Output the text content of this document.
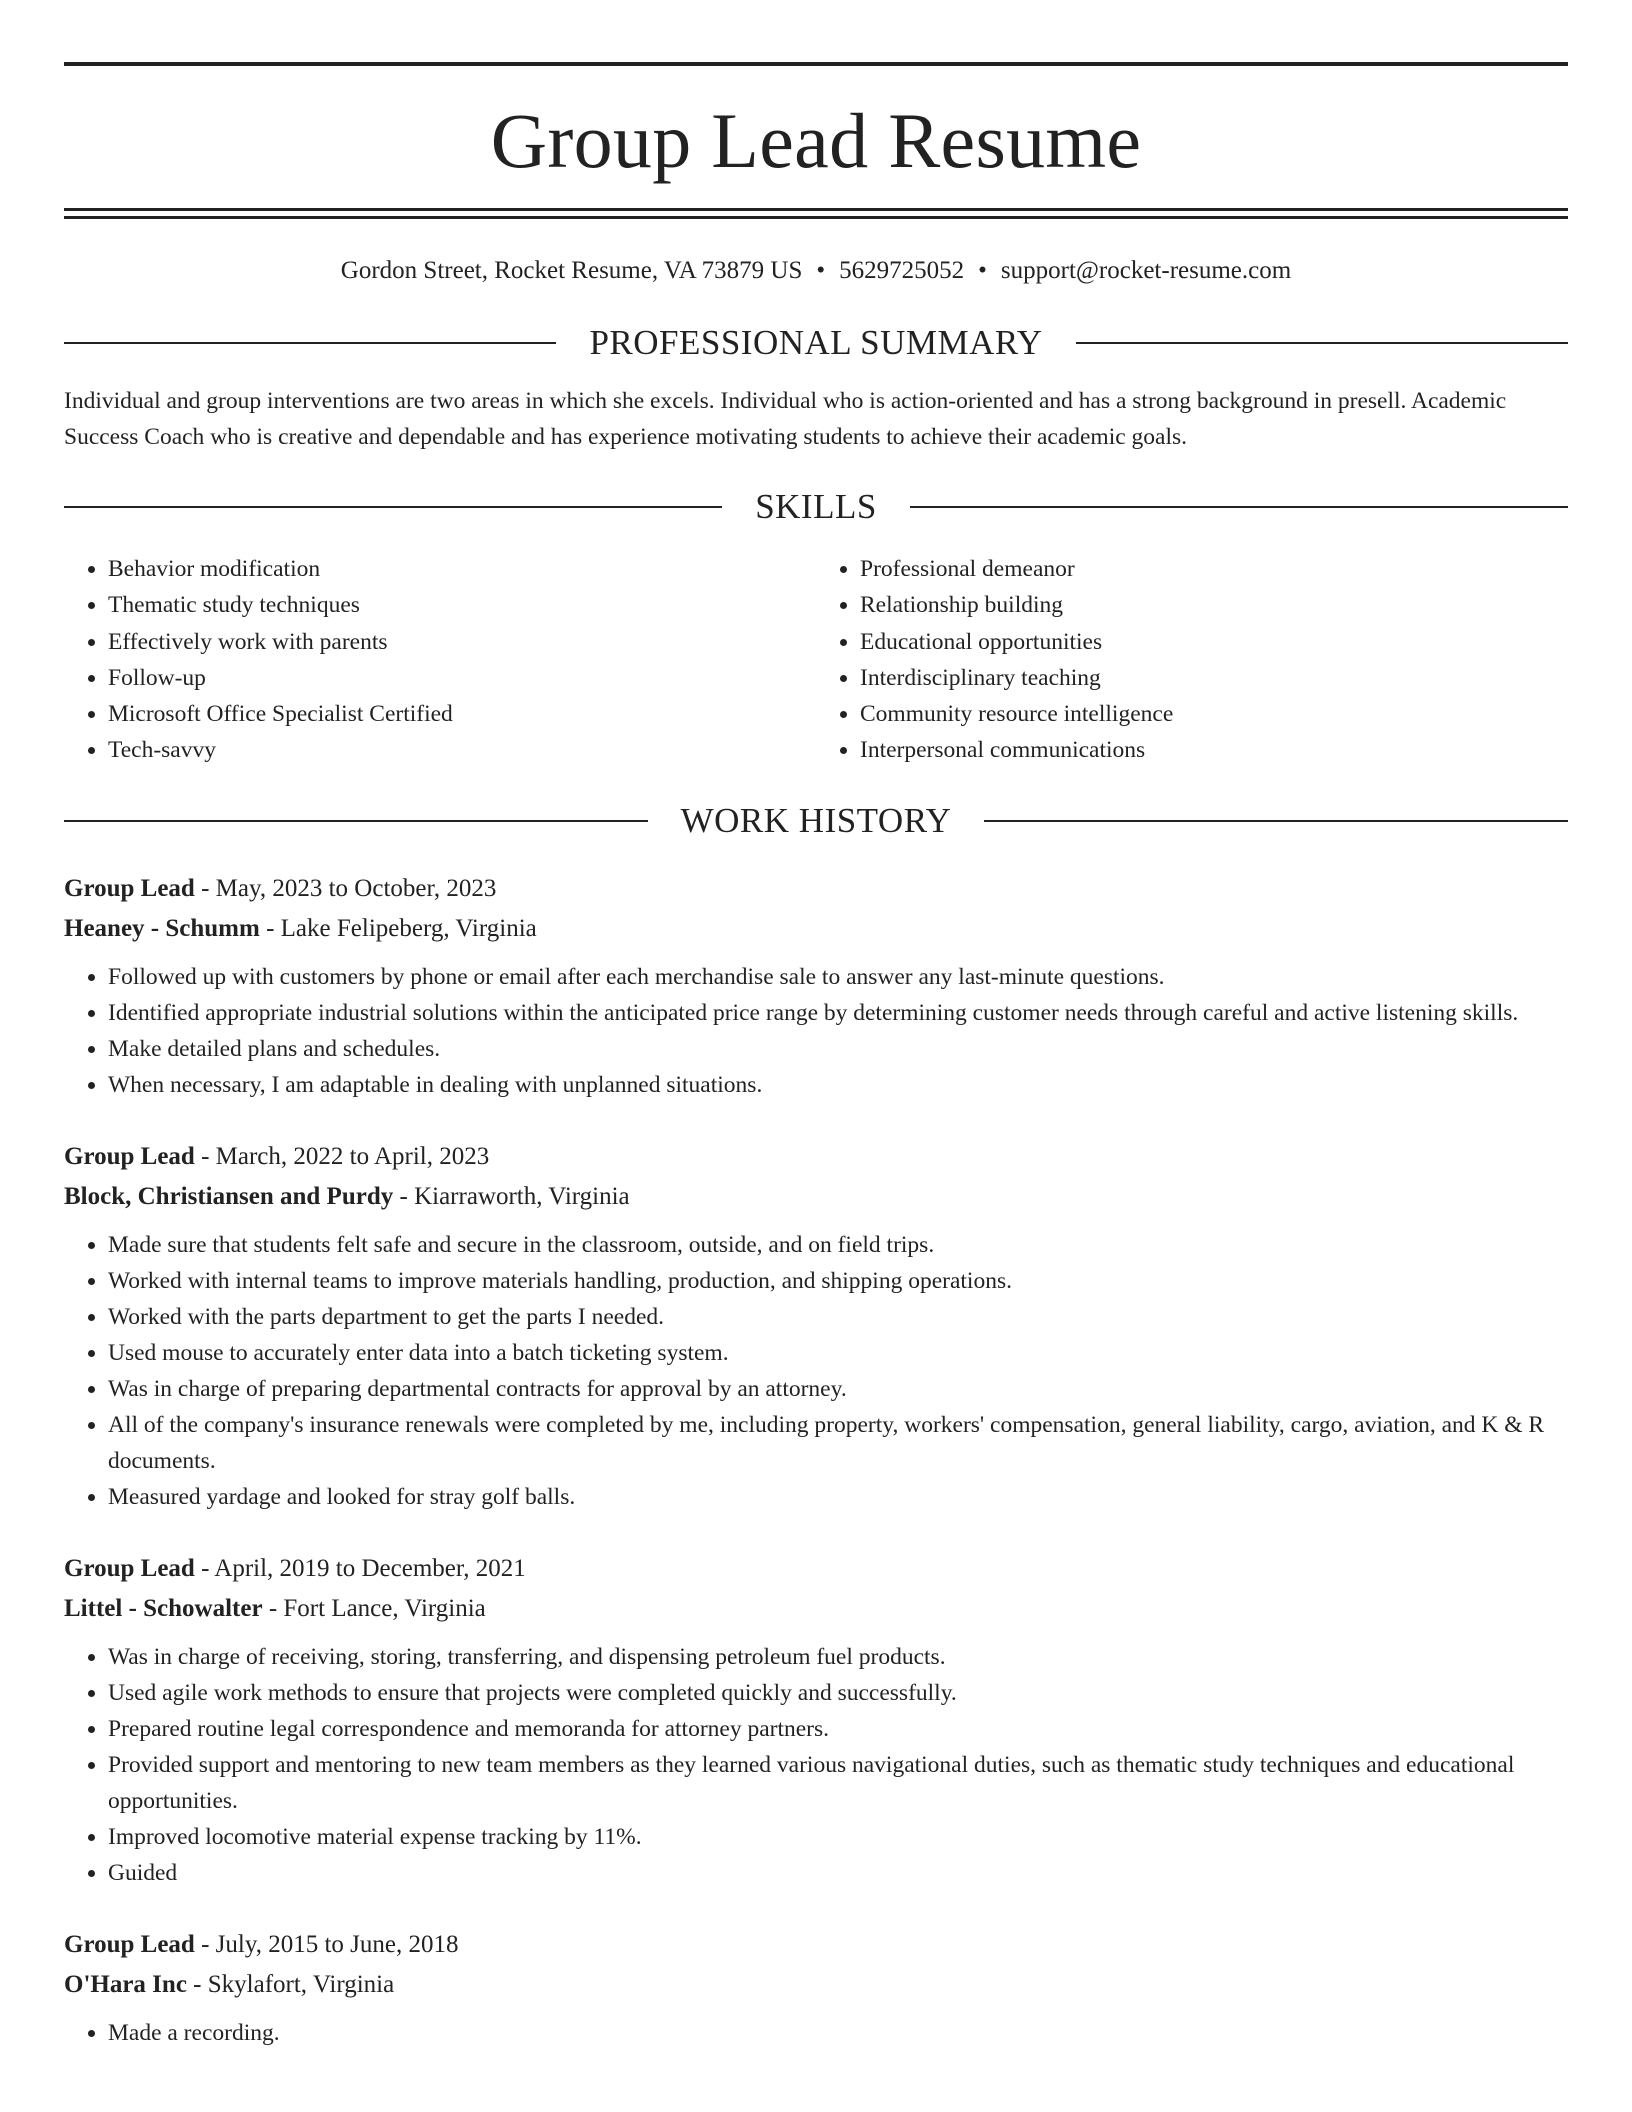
Group Lead Resume
Gordon Street, Rocket Resume, VA 73879 US • 5629725052 • support@rocket-resume.com
PROFESSIONAL SUMMARY
Individual and group interventions are two areas in which she excels. Individual who is action-oriented and has a strong background in presell. Academic Success Coach who is creative and dependable and has experience motivating students to achieve their academic goals.
SKILLS
• Behavior modification
• Thematic study techniques
• Effectively work with parents
• Follow-up
• Microsoft Office Specialist Certified
• Tech-savvy
• Professional demeanor
• Relationship building
• Educational opportunities
• Interdisciplinary teaching
• Community resource intelligence
• Interpersonal communications
WORK HISTORY
Group Lead - May, 2023 to October, 2023
Heaney - Schumm - Lake Felipeberg, Virginia
• Followed up with customers by phone or email after each merchandise sale to answer any last-minute questions.
• Identified appropriate industrial solutions within the anticipated price range by determining customer needs through careful and active listening skills.
• Make detailed plans and schedules.
• When necessary, I am adaptable in dealing with unplanned situations.
Group Lead - March, 2022 to April, 2023
Block, Christiansen and Purdy - Kiarraworth, Virginia
• Made sure that students felt safe and secure in the classroom, outside, and on field trips.
• Worked with internal teams to improve materials handling, production, and shipping operations.
• Worked with the parts department to get the parts I needed.
• Used mouse to accurately enter data into a batch ticketing system.
• Was in charge of preparing departmental contracts for approval by an attorney.
• All of the company's insurance renewals were completed by me, including property, workers' compensation, general liability, cargo, aviation, and K & R documents.
• Measured yardage and looked for stray golf balls.
Group Lead - April, 2019 to December, 2021
Littel - Schowalter - Fort Lance, Virginia
• Was in charge of receiving, storing, transferring, and dispensing petroleum fuel products.
• Used agile work methods to ensure that projects were completed quickly and successfully.
• Prepared routine legal correspondence and memoranda for attorney partners.
• Provided support and mentoring to new team members as they learned various navigational duties, such as thematic study techniques and educational opportunities.
• Improved locomotive material expense tracking by 11%.
• Guided
Group Lead - July, 2015 to June, 2018
O'Hara Inc - Skylafort, Virginia
• Made a recording.
